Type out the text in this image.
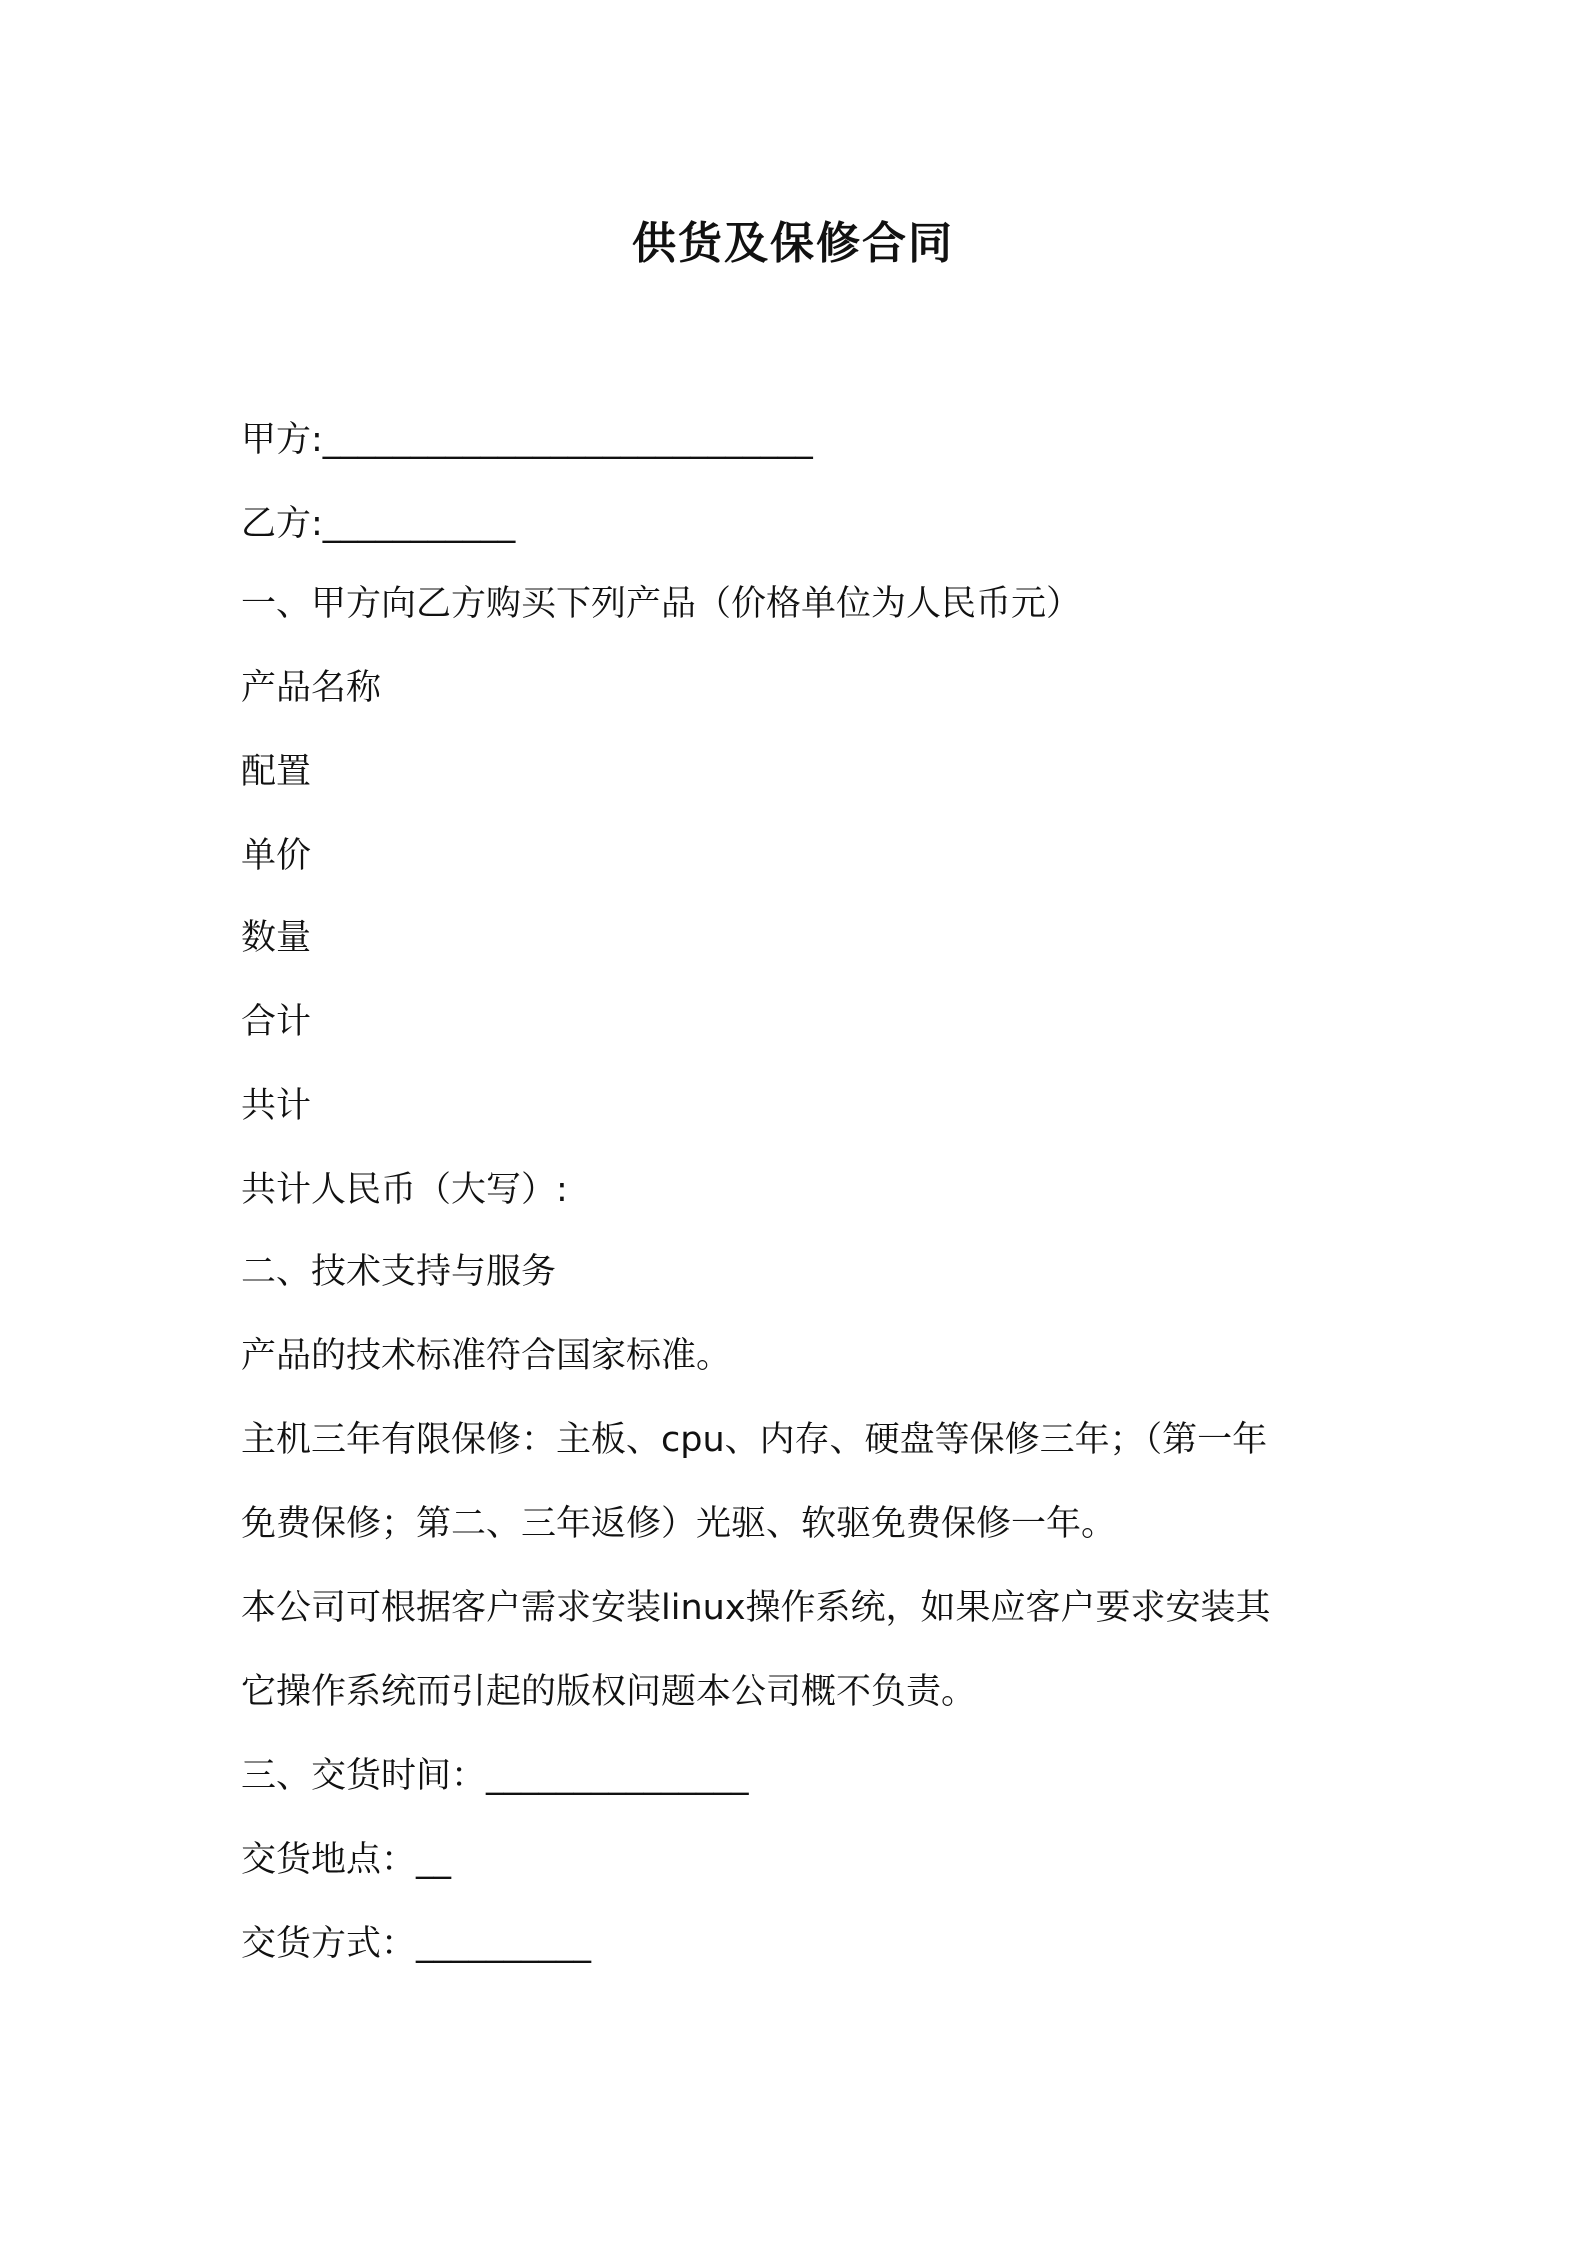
供货及保修合同

甲方:____________________________

乙方:___________

一、甲方向乙方购买下列产品（价格单位为人民币元）

产品名称

配置

单价

数量

合计

共计

共计人民币（大写）:

二、技术支持与服务

产品的技术标准符合国家标准。

主机三年有限保修：主板、cpu、内存、硬盘等保修三年；（第一年

免费保修；第二、三年返修）光驱、软驱免费保修一年。

本公司可根据客户需求安装linux操作系统，如果应客户要求安装其

它操作系统而引起的版权问题本公司概不负责。

三、交货时间：_______________

交货地点：__

交货方式：__________
